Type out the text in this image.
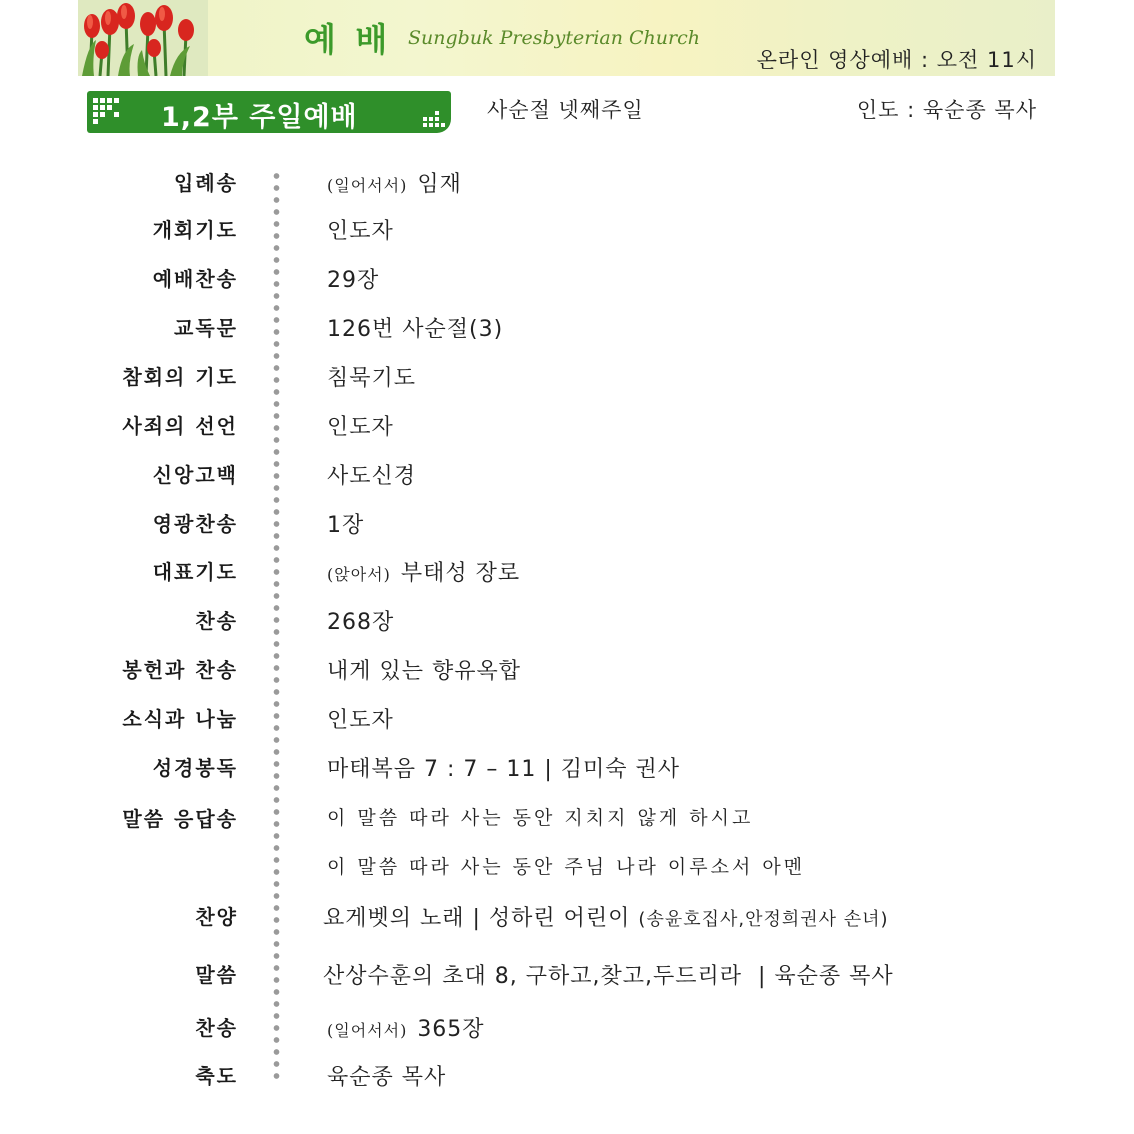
예 배 Sungbuk Presbyterian Church
온라인 영상예배 : 오전 11시
1,2부 주일예배	사순절 넷째주일	인도 : 육순종 목사
입례송	(일어서서) 임재
개회기도	인도자
예배찬송	29장
교독문	126번 사순절(3)
참회의 기도	침묵기도
사죄의 선언	인도자
신앙고백	사도신경
영광찬송	1장
대표기도	(앉아서) 부태성 장로
찬송	268장
봉헌과 찬송	내게 있는 향유옥합
소식과 나눔	인도자
성경봉독	마태복음 7 : 7 – 11 | 김미숙 권사
말씀 응답송	이 말씀 따라 사는 동안 지치지 않게 하시고
이 말씀 따라 사는 동안 주님 나라 이루소서 아멘
찬양	요게벳의 노래 | 성하린 어린이 (송윤호집사,안정희권사 손녀)
말씀	산상수훈의 초대 8, 구하고,찾고,두드리라 | 육순종 목사
찬송	(일어서서) 365장
축도	육순종 목사
